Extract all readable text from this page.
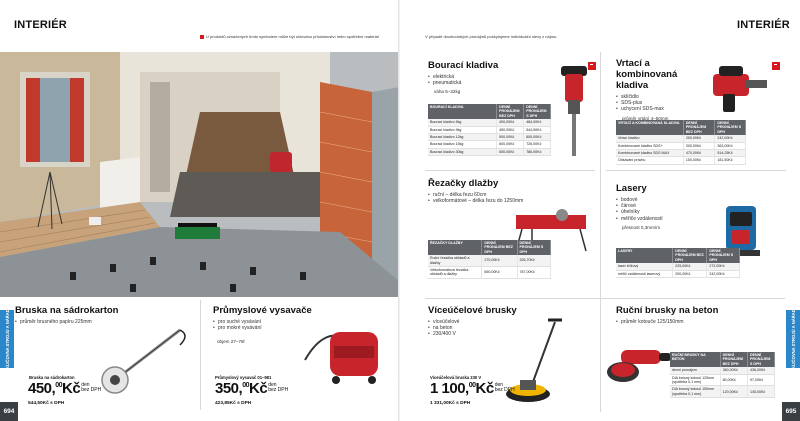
INTERIÉR
U produktů označených tímto symbolem může být účtováno příslušenství nebo spotřební materiál
Bruska na sádrokarton
• průměr brusného papíru 225mm
Bruska na sádrokarton
450,00Kčden
bez DPH
544,50Kč s DPH
Průmyslové vysavače
• pro suché vysávání
• pro mokré vysávání
objem 27–78l
Průmyslový vysavač 01–981
350,00Kčden
bez DPH
423,85Kč s DPH
PŮJČOVNA STROJŮ A NÁŘADÍ
694
INTERIÉR
V případě dlouhodobých pronájmů poskytujeme individuální slevy z nájmu.
Bourací kladiva
• elektrická
• pneumatická
váha 5–32kg
BOURACÍ KLADIVA	DENNÍ PRONÁJEM BEZ DPH	DENNÍ PRONÁJEM S DPH
Bourací kladivo 5kg	400,00Kč	484,00Kč
Bourací kladivo 9kg	450,00Kč	544,50Kč
Bourací kladivo 12kg	500,00Kč	605,00Kč
Bourací kladivo 15kg	600,00Kč	726,00Kč
Bourací kladivo 30kg	650,00Kč	786,00Kč
Vrtací a kombinovaná kladiva
• sklíčidlo
• SDS-plus
• uchycení SDS-max
průměr vrtání 4–50mm
VRTACÍ A KOMBINOVANÁ KLADIVA	DENNÍ PRONÁJEM BEZ DPH	DENNÍ PRONÁJEM S DPH
Vrtací kladivo	200,00Kč	242,00Kč
Kombinované kladivo SDS+	300,00Kč	363,00Kč
Kombinované kladivo SDS MAX	470,00Kč	514,25Kč
Odsávání prachu	150,00Kč	181,50Kč
Řezačky dlažby
• ruční – délka řezu 60cm
• velkoformátové – délka řezu do 1250mm
ŘEZAČKY DLAŽBY	DENNÍ PRONÁJEM BEZ DPH	DENNÍ PRONÁJEM S DPH
Ruční řezačka obkladů a dlažby	270,00Kč	326,70Kč
Velkoformátová řezačka obkladů a dlažby	650,00Kč	787,00Kč
Lasery
• bodové
• čárové
• úhelníky
• měřiče vzdáleností
přesnost 0,3mm/m
LASERY	DENNÍ PRONÁJEM BEZ DPH	DENNÍ PRONÁJEM S DPH
laser křížový	225,00Kč	272,00Kč
měřič vzdálenosti laserový	200,00Kč	242,00Kč
Víceúčelové brusky
• víceúčelové
• na beton
• 230/400 V
Víceúčelová bruska 230 V
1 100,00Kčden
bez DPH
1 331,00Kč s DPH
Ruční brusky na beton
• průměr kotouče 125/150mm
RUČNÍ BRUSKY NA BETON	DENNÍ PRONÁJEM BEZ DPH	DENNÍ PRONÁJEM S DPH
denní pronájem	360,00Kč	436,00Kč
DIA brusný kotouč 125mm (spotřeba 0,1 mm)	80,00Kč	97,00Kč
DIA brusný kotouč 150mm (spotřeba 0,1 mm)	120,00Kč	145,00Kč
PŮJČOVNA STROJŮ A NÁŘADÍ
695
